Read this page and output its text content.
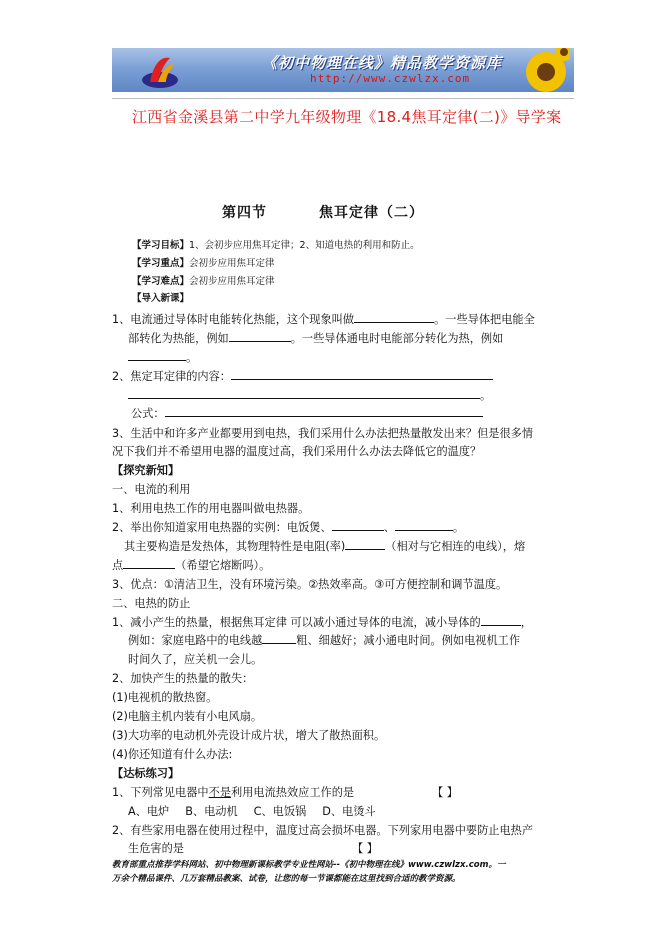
《初中物理在线》精品教学资源库
http://www.czwlzx.com
江西省金溪县第二中学九年级物理《18.4焦耳定律(二)》导学案
第四节	焦耳定律（二）
【学习目标】1、会初步应用焦耳定律；2、知道电热的利用和防止。
【学习重点】会初步应用焦耳定律
【学习难点】会初步应用焦耳定律
【导入新课】
1、电流通过导体时电能转化热能，这个现象叫做	。一些导体把电能全
部转化为热能，例如	。一些导体通电时电能部分转化为热，例如
。
2、焦定耳定律的内容：
。
公式：
3、生活中和许多产业都要用到电热，我们采用什么办法把热量散发出来？但是很多情
况下我们并不希望用电器的温度过高，我们采用什么办法去降低它的温度？
【探究新知】
一、电流的利用
1、利用电热工作的用电器叫做电热器。
2、举出你知道家用电热器的实例：电饭煲、	、	。
其主要构造是发热体，其物理特性是电阻(率)	（相对与它相连的电线），熔
点	（希望它熔断吗）。
3、优点：①清洁卫生，没有环境污染。②热效率高。③可方便控制和调节温度。
二、电热的防止
1、减小产生的热量，根据焦耳定律 可以减小通过导体的电流，减小导体的	，
例如：家庭电路中的电线越	粗、细越好；减小通电时间。例如电视机工作
时间久了，应关机一会儿。
2、加快产生的热量的散失：
(1)电视机的散热窗。
(2)电脑主机内装有小电风扇。
(3)大功率的电动机外壳设计成片状，增大了散热面积。
(4)你还知道有什么办法:
【达标练习】
1、下列常见电器中不是利用电流热效应工作的是	【 】
A、电炉 B、电动机 C、电饭锅 D、电烫斗
2、有些家用电器在使用过程中，温度过高会损坏电器。下列家用电器中要防止电热产
生危害的是	【 】
教育部重点推荐学科网站、初中物理新课标教学专业性网站--《初中物理在线》www.czwlzx.com。一
万余个精品课件、几万套精品教案、试卷，让您的每一节课都能在这里找到合适的教学资源。
